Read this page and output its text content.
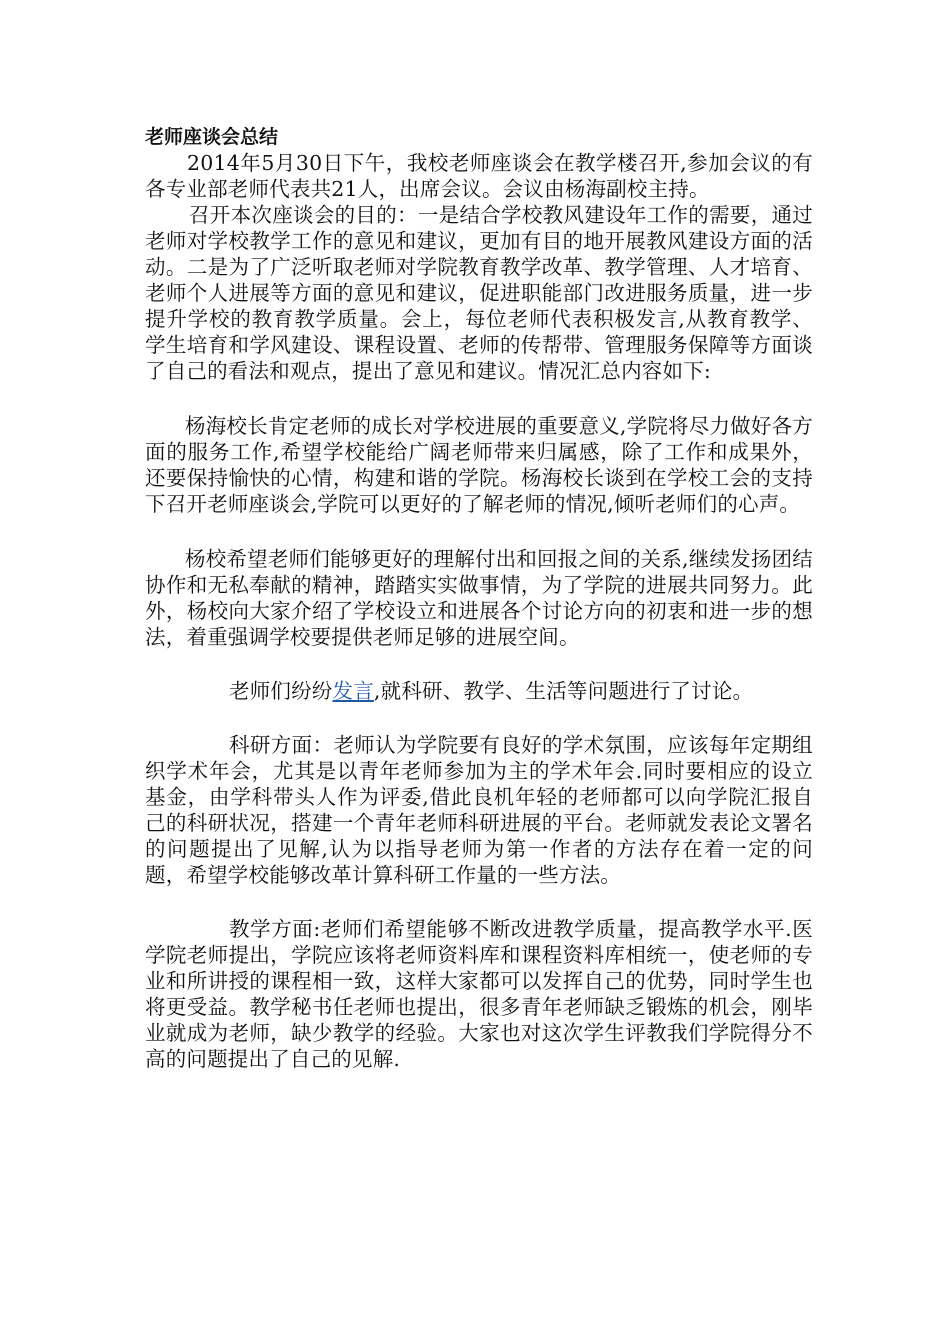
老师座谈会总结

2014年5月30日下午，我校老师座谈会在教学楼召开,参加会议的有各专业部老师代表共21人，出席会议。会议由杨海副校主持。

召开本次座谈会的目的：一是结合学校教风建设年工作的需要，通过老师对学校教学工作的意见和建议，更加有目的地开展教风建设方面的活动。二是为了广泛听取老师对学院教育教学改革、教学管理、人才培育、老师个人进展等方面的意见和建议，促进职能部门改进服务质量，进一步提升学校的教育教学质量。会上，每位老师代表积极发言,从教育教学、学生培育和学风建设、课程设置、老师的传帮带、管理服务保障等方面谈了自己的看法和观点，提出了意见和建议。情况汇总内容如下:

杨海校长肯定老师的成长对学校进展的重要意义,学院将尽力做好各方面的服务工作,希望学校能给广阔老师带来归属感，除了工作和成果外，还要保持愉快的心情，构建和谐的学院。杨海校长谈到在学校工会的支持下召开老师座谈会,学院可以更好的了解老师的情况,倾听老师们的心声。

杨校希望老师们能够更好的理解付出和回报之间的关系,继续发扬团结协作和无私奉献的精神，踏踏实实做事情，为了学院的进展共同努力。此外，杨校向大家介绍了学校设立和进展各个讨论方向的初衷和进一步的想法，着重强调学校要提供老师足够的进展空间。

老师们纷纷发言,就科研、教学、生活等问题进行了讨论。

科研方面：老师认为学院要有良好的学术氛围，应该每年定期组织学术年会，尤其是以青年老师参加为主的学术年会.同时要相应的设立基金，由学科带头人作为评委,借此良机年轻的老师都可以向学院汇报自己的科研状况，搭建一个青年老师科研进展的平台。老师就发表论文署名的问题提出了见解,认为以指导老师为第一作者的方法存在着一定的问题，希望学校能够改革计算科研工作量的一些方法。

教学方面:老师们希望能够不断改进教学质量，提高教学水平.医学院老师提出，学院应该将老师资料库和课程资料库相统一，使老师的专业和所讲授的课程相一致，这样大家都可以发挥自己的优势，同时学生也将更受益。教学秘书任老师也提出，很多青年老师缺乏锻炼的机会，刚毕业就成为老师，缺少教学的经验。大家也对这次学生评教我们学院得分不高的问题提出了自己的见解.
